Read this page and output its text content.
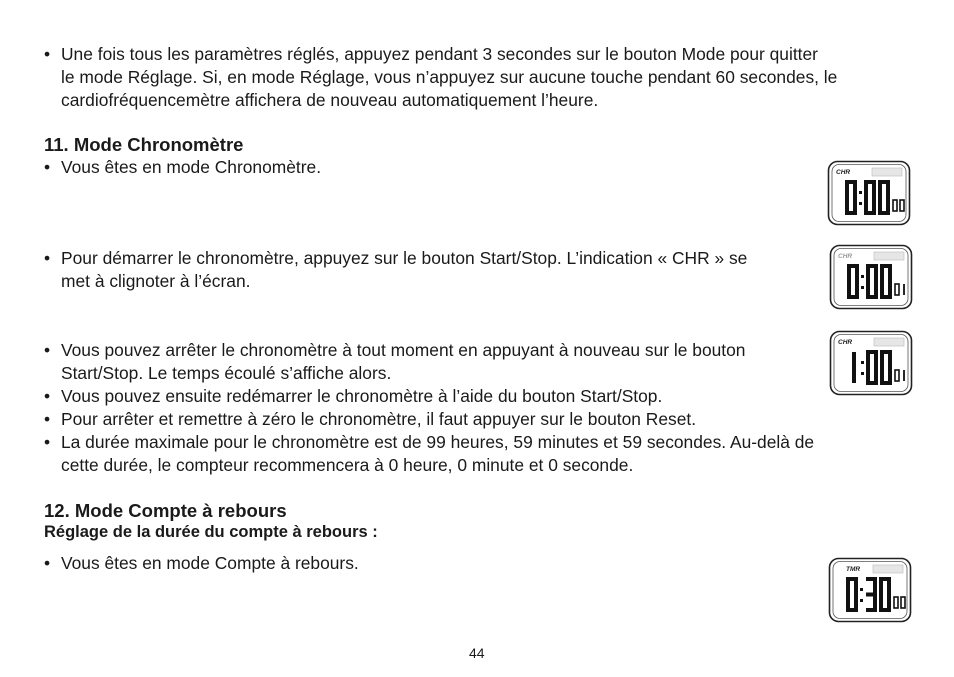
• Une fois tous les paramètres réglés, appuyez pendant 3 secondes sur le bouton Mode pour quitter
le mode Réglage. Si, en mode Réglage, vous n’appuyez sur aucune touche pendant 60 secondes, le
cardiofréquencemètre affichera de nouveau automatiquement l’heure.
11. Mode Chronomètre
• Vous êtes en mode Chronomètre.
• Pour démarrer le chronomètre, appuyez sur le bouton Start/Stop. L’indication « CHR » se
met à clignoter à l’écran.
• Vous pouvez arrêter le chronomètre à tout moment en appuyant à nouveau sur le bouton
Start/Stop. Le temps écoulé s’affiche alors.
• Vous pouvez ensuite redémarrer le chronomètre à l’aide du bouton Start/Stop.
• Pour arrêter et remettre à zéro le chronomètre, il faut appuyer sur le bouton Reset.
• La durée maximale pour le chronomètre est de 99 heures, 59 minutes et 59 secondes. Au-delà de
cette durée, le compteur recommencera à 0 heure, 0 minute et 0 seconde.
12. Mode Compte à rebours
Réglage de la durée du compte à rebours :
• Vous êtes en mode Compte à rebours.
CHR
CHR
CHR
TMR
44
